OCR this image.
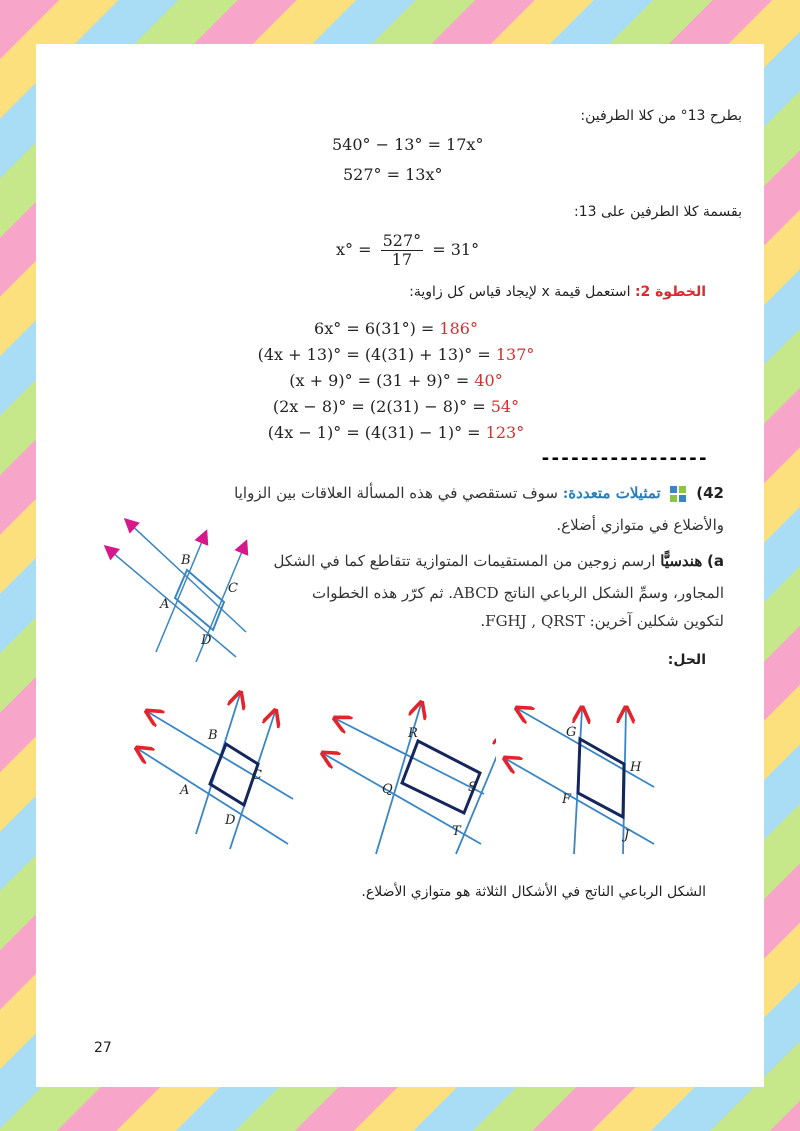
بطرح 13° من كلا الطرفين:
540° − 13° = 17x°
527° = 13x°
بقسمة كلا الطرفين على 13:
$x^\circ = \frac{527^\circ}{17} = 31^\circ$
الخطوة 2: استعمل قيمة x لإيجاد قياس كل زاوية:
6x° = 6(31°) = 186°
(4x + 13)° = (4(31) + 13)° = 137°
(x + 9)° = (31 + 9)° = 40°
(2x − 8)° = (2(31) − 8)° = 54°
(4x − 1)° = (4(31) − 1)° = 123°
-----------------
42)  تمثيلات متعددة: سوف تستقصي في هذه المسألة العلاقات بين الزوايا
والأضلاع في متوازي أضلاع.
a) هندسيًّا ارسم زوجين من المستقيمات المتوازية تتقاطع كما في الشكل
المجاور، وسمِّ الشكل الرباعي الناتج ABCD. ثم كرّر هذه الخطوات
لتكوين شكلين آخرين: FGHJ , QRST.
B
A
C
D
الحل:
B
A
C
D
R
Q	S
T
G
F
H
J
الشكل الرباعي الناتج في الأشكال الثلاثة هو متوازي الأضلاع.
27
